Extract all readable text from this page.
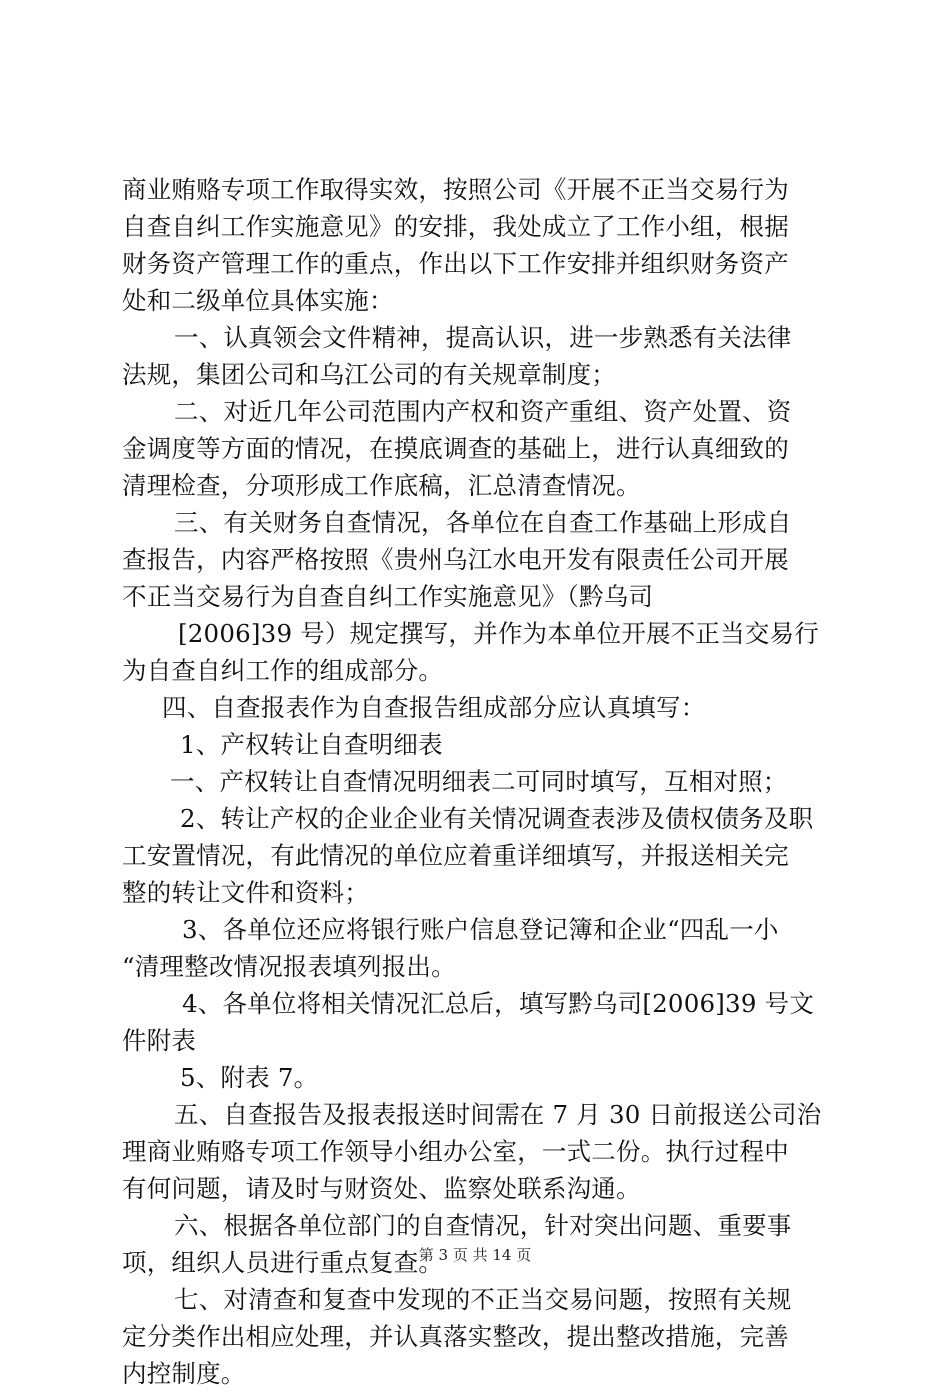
商业贿赂专项工作取得实效，按照公司《开展不正当交易行为
自查自纠工作实施意见》的安排，我处成立了工作小组，根据
财务资产管理工作的重点，作出以下工作安排并组织财务资产
处和二级单位具体实施：
一、认真领会文件精神，提高认识，进一步熟悉有关法律
法规，集团公司和乌江公司的有关规章制度；
二、对近几年公司范围内产权和资产重组、资产处置、资
金调度等方面的情况，在摸底调查的基础上，进行认真细致的
清理检查，分项形成工作底稿，汇总清查情况。
三、有关财务自查情况，各单位在自查工作基础上形成自
查报告，内容严格按照《贵州乌江水电开发有限责任公司开展
不正当交易行为自查自纠工作实施意见》（黔乌司
[2006]39 号）规定撰写，并作为本单位开展不正当交易行
为自查自纠工作的组成部分。
四、自查报表作为自查报告组成部分应认真填写：
1、产权转让自查明细表
一、产权转让自查情况明细表二可同时填写，互相对照；
2、转让产权的企业企业有关情况调查表涉及债权债务及职
工安置情况，有此情况的单位应着重详细填写，并报送相关完
整的转让文件和资料；
3、各单位还应将银行账户信息登记簿和企业“四乱一小
“清理整改情况报表填列报出。
4、各单位将相关情况汇总后，填写黔乌司[2006]39 号文
件附表
5、附表 7。
五、自查报告及报表报送时间需在 7 月 30 日前报送公司治
理商业贿赂专项工作领导小组办公室，一式二份。执行过程中
有何问题，请及时与财资处、监察处联系沟通。
六、根据各单位部门的自查情况，针对突出问题、重要事
项，组织人员进行重点复查。
七、对清查和复查中发现的不正当交易问题，按照有关规
定分类作出相应处理，并认真落实整改，提出整改措施，完善
内控制度。
第 3 页 共 14 页
